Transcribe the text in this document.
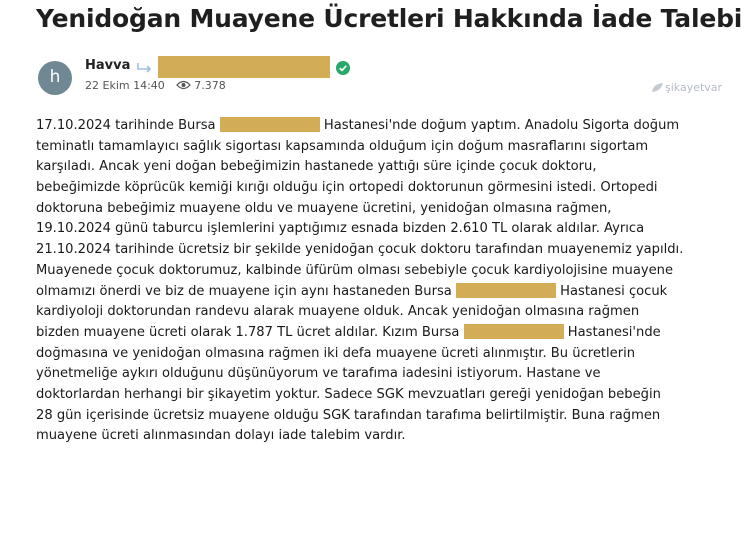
Yenidoğan Muayene Ücretleri Hakkında İade Talebi
h
Havva
22 Ekim 14:40	7.378	şikayetvar
17.10.2024 tarihinde Bursa	Hastanesi'nde doğum yaptım. Anadolu Sigorta doğum
teminatlı tamamlayıcı sağlık sigortası kapsamında olduğum için doğum masraflarını sigortam
karşıladı. Ancak yeni doğan bebeğimizin hastanede yattığı süre içinde çocuk doktoru,
bebeğimizde köprücük kemiği kırığı olduğu için ortopedi doktorunun görmesini istedi. Ortopedi
doktoruna bebeğimiz muayene oldu ve muayene ücretini, yenidoğan olmasına rağmen,
19.10.2024 günü taburcu işlemlerini yaptığımız esnada bizden 2.610 TL olarak aldılar. Ayrıca
21.10.2024 tarihinde ücretsiz bir şekilde yenidoğan çocuk doktoru tarafından muayenemiz yapıldı.
Muayenede çocuk doktorumuz, kalbinde üfürüm olması sebebiyle çocuk kardiyolojisine muayene
olmamızı önerdi ve biz de muayene için aynı hastaneden Bursa	Hastanesi çocuk
kardiyoloji doktorundan randevu alarak muayene olduk. Ancak yenidoğan olmasına rağmen
bizden muayene ücreti olarak 1.787 TL ücret aldılar. Kızım Bursa	Hastanesi'nde
doğmasına ve yenidoğan olmasına rağmen iki defa muayene ücreti alınmıştır. Bu ücretlerin
yönetmeliğe aykırı olduğunu düşünüyorum ve tarafıma iadesini istiyorum. Hastane ve
doktorlardan herhangi bir şikayetim yoktur. Sadece SGK mevzuatları gereği yenidoğan bebeğin
28 gün içerisinde ücretsiz muayene olduğu SGK tarafından tarafıma belirtilmiştir. Buna rağmen
muayene ücreti alınmasından dolayı iade talebim vardır.
